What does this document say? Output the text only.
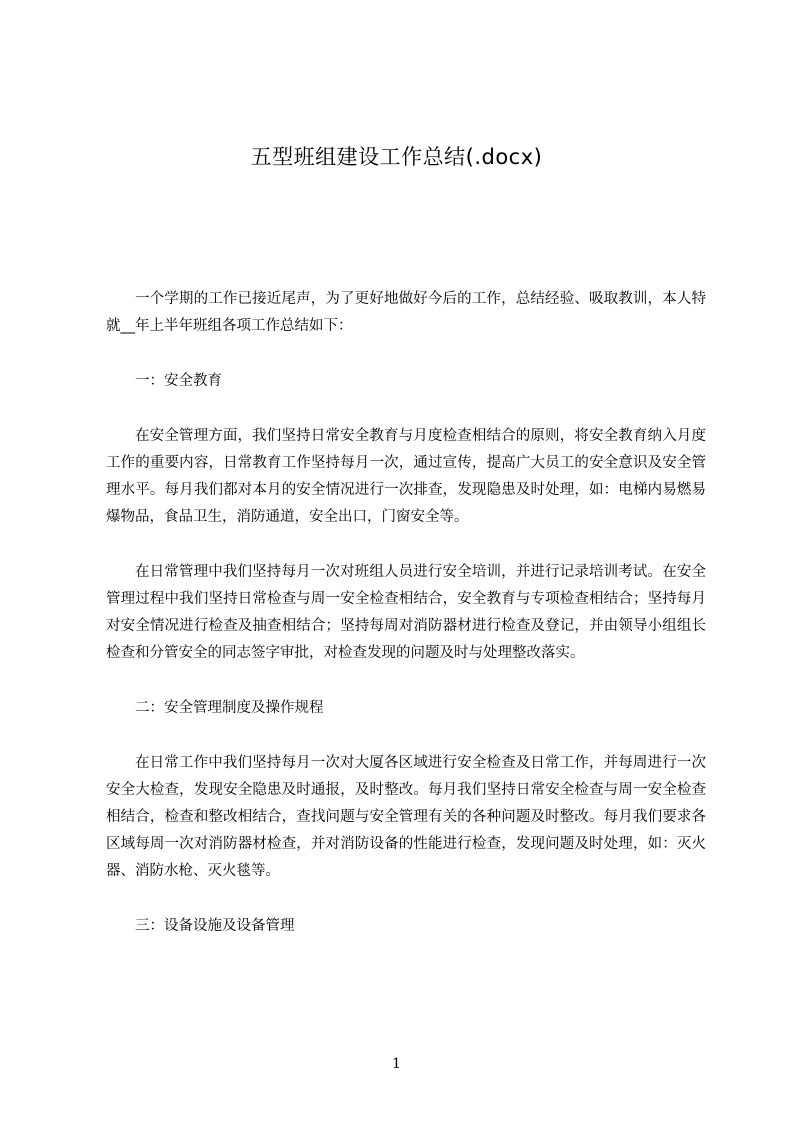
五型班组建设工作总结(.docx)

一个学期的工作已接近尾声，为了更好地做好今后的工作，总结经验、吸取教训，本人特就__年上半年班组各项工作总结如下：

一：安全教育

在安全管理方面，我们坚持日常安全教育与月度检查相结合的原则，将安全教育纳入月度工作的重要内容，日常教育工作坚持每月一次，通过宣传，提高广大员工的安全意识及安全管理水平。每月我们都对本月的安全情况进行一次排查，发现隐患及时处理，如：电梯内易燃易爆物品，食品卫生，消防通道，安全出口，门窗安全等。

在日常管理中我们坚持每月一次对班组人员进行安全培训，并进行记录培训考试。在安全管理过程中我们坚持日常检查与周一安全检查相结合，安全教育与专项检查相结合；坚持每月对安全情况进行检查及抽查相结合；坚持每周对消防器材进行检查及登记，并由领导小组组长检查和分管安全的同志签字审批，对检查发现的问题及时与处理整改落实。

二：安全管理制度及操作规程

在日常工作中我们坚持每月一次对大厦各区域进行安全检查及日常工作，并每周进行一次安全大检查，发现安全隐患及时通报，及时整改。每月我们坚持日常安全检查与周一安全检查相结合，检查和整改相结合，查找问题与安全管理有关的各种问题及时整改。每月我们要求各区域每周一次对消防器材检查，并对消防设备的性能进行检查，发现问题及时处理，如：灭火器、消防水枪、灭火毯等。

三：设备设施及设备管理

1
